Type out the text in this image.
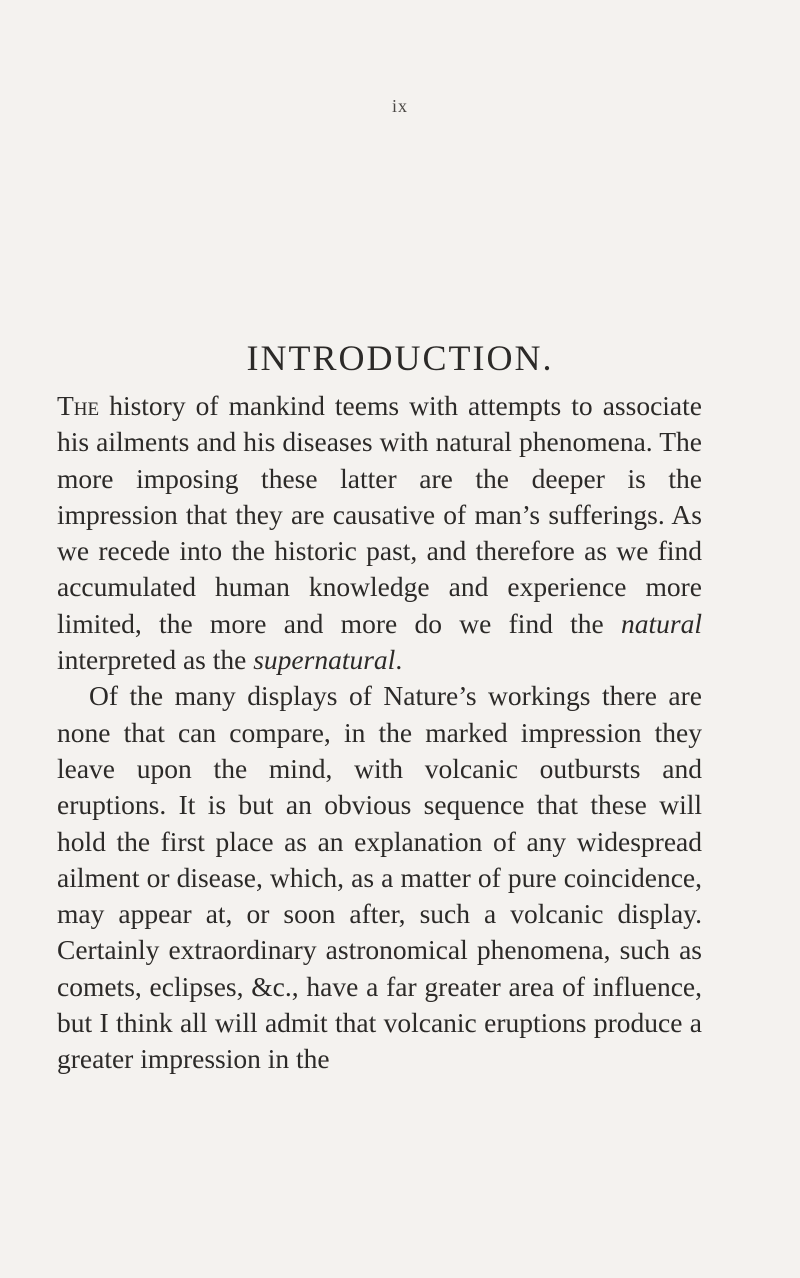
ix
INTRODUCTION.

The history of mankind teems with attempts to associate his ailments and his diseases with natural phenomena. The more imposing these latter are the deeper is the impression that they are causative of man’s sufferings. As we recede into the historic past, and therefore as we find accumulated human knowledge and experience more limited, the more and more do we find the natural interpreted as the supernatural.

Of the many displays of Nature’s workings there are none that can compare, in the marked impression they leave upon the mind, with volcanic outbursts and eruptions. It is but an obvious sequence that these will hold the first place as an explanation of any widespread ailment or disease, which, as a matter of pure coincidence, may appear at, or soon after, such a volcanic display. Certainly extraordinary astronomical phenomena, such as comets, eclipses, &c., have a far greater area of influence, but I think all will admit that volcanic eruptions produce a greater impression in the
